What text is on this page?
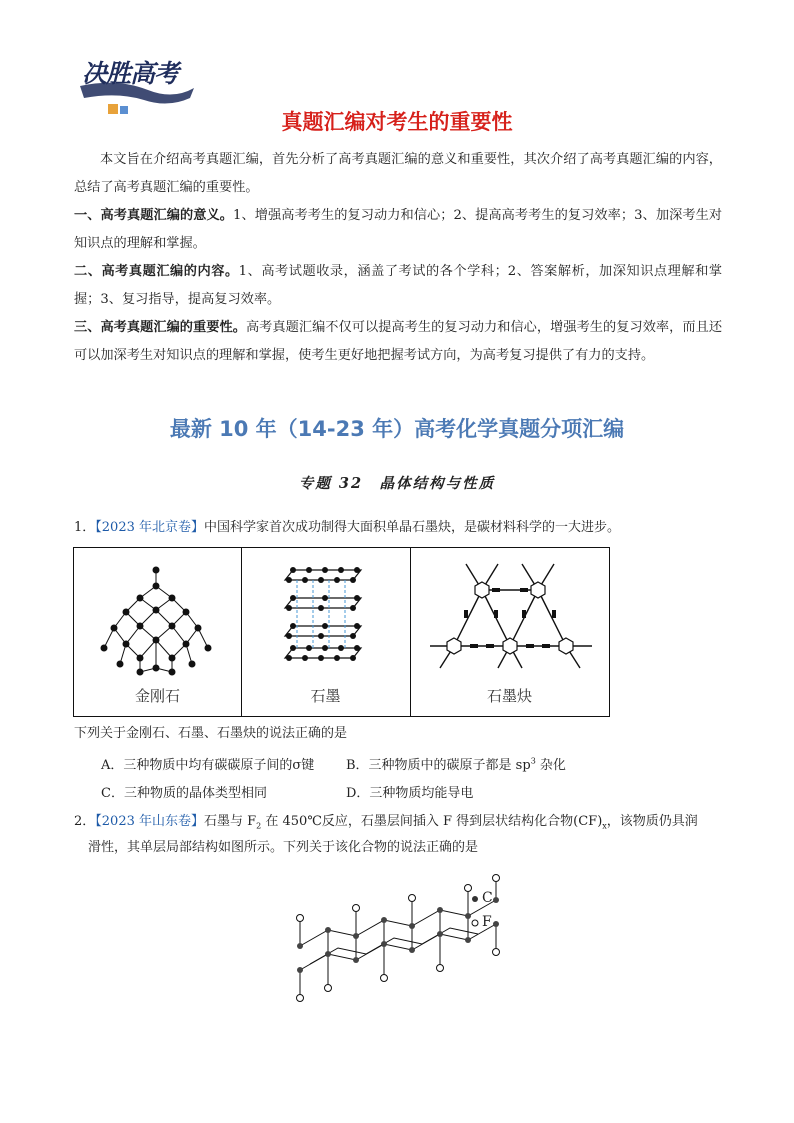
决胜高考
真题汇编对考生的重要性
本文旨在介绍高考真题汇编，首先分析了高考真题汇编的意义和重要性，其次介绍了高考真题汇编的内容，总结了高考真题汇编的重要性。
一、高考真题汇编的意义。1、增强高考考生的复习动力和信心；2、提高高考考生的复习效率；3、加深考生对知识点的理解和掌握。
二、高考真题汇编的内容。1、高考试题收录，涵盖了考试的各个学科；2、答案解析，加深知识点理解和掌握；3、复习指导，提高复习效率。
三、高考真题汇编的重要性。高考真题汇编不仅可以提高考生的复习动力和信心，增强考生的复习效率，而且还可以加深考生对知识点的理解和掌握，使考生更好地把握考试方向，为高考复习提供了有力的支持。
最新 10 年（14-23 年）高考化学真题分项汇编
专题 32　晶体结构与性质
1．【2023 年北京卷】中国科学家首次成功制得大面积单晶石墨炔，是碳材料科学的一大进步。
金刚石	石墨	石墨炔
下列关于金刚石、石墨、石墨炔的说法正确的是
A．三种物质中均有碳碳原子间的σ键 B．三种物质中的碳原子都是 $sp^3$ 杂化
C．三种物质的晶体类型相同	D．三种物质均能导电
2．【2023 年山东卷】石墨与 $F_2$ 在 450℃反应，石墨层间插入 F 得到层状结构化合物$(CF)_x$，该物质仍具润
滑性，其单层局部结构如图所示。下列关于该化合物的说法正确的是
C
F
